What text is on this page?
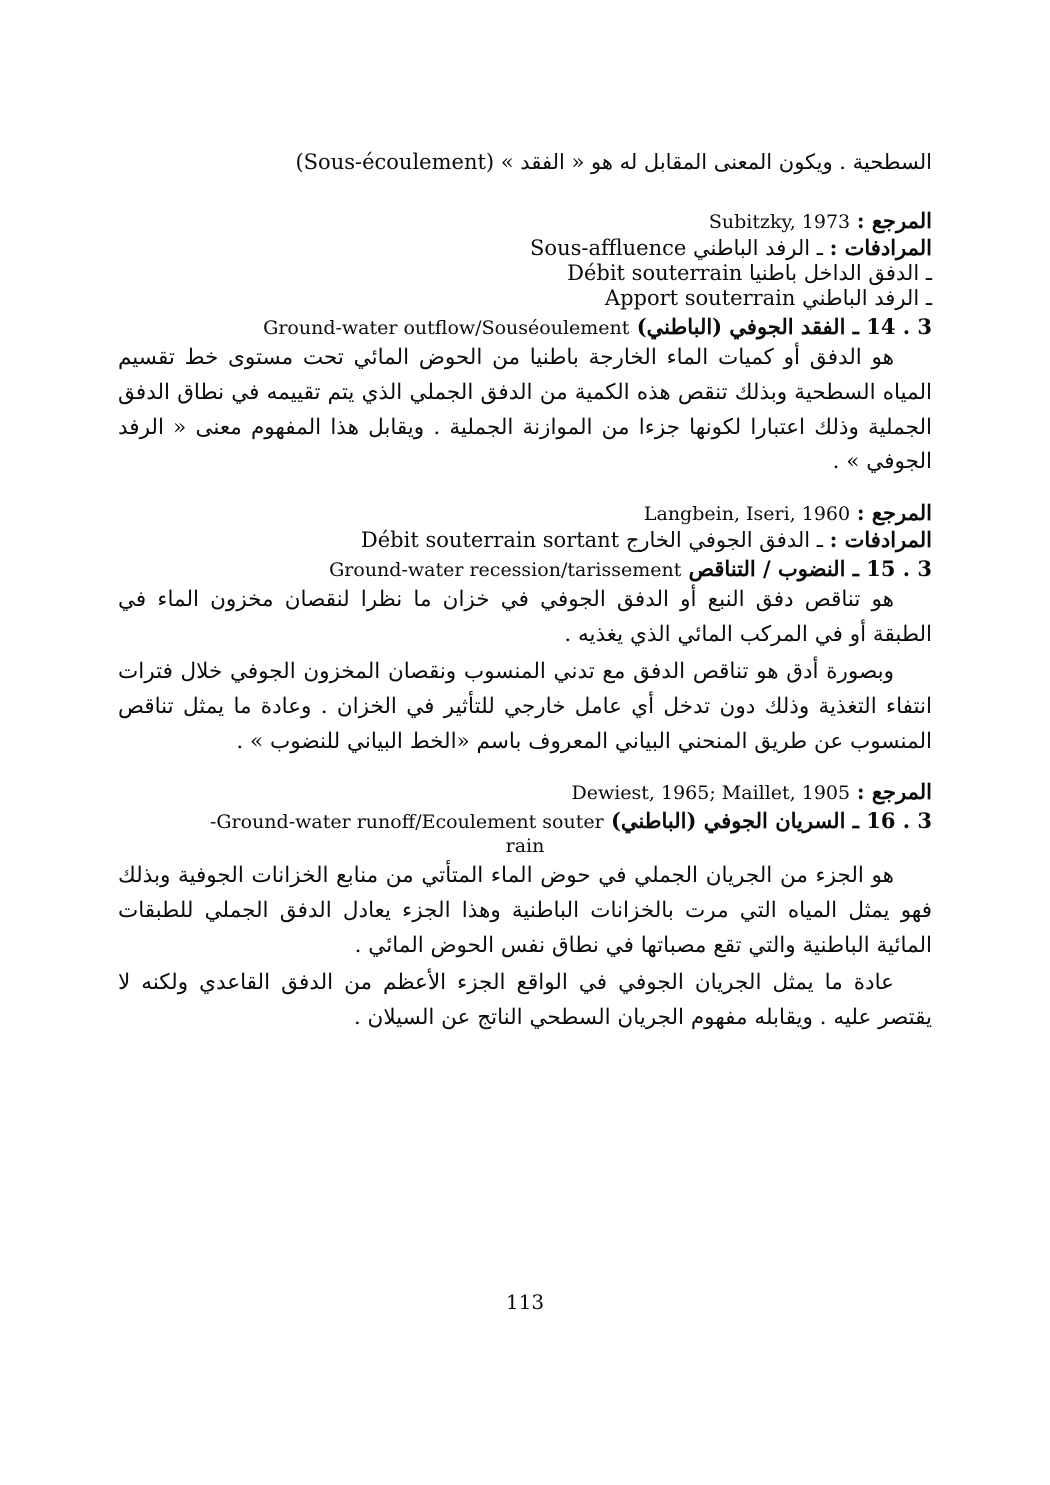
السطحية . ويكون المعنى المقابل له هو « الفقد » (Sous-écoulement)
المرجع : Subitzky, 1973
المرادفات : ـ الرفد الباطني Sous-affluence
ـ الدفق الداخل باطنيا Débit souterrain
ـ الرفد الباطني Apport souterrain
3 . 14 ـ الفقد الجوفي (الباطني) Ground-water outflow/Souséoulement

هو الدفق أو كميات الماء الخارجة باطنيا من الحوض المائي تحت مستوى خط تقسيم المياه السطحية وبذلك تنقص هذه الكمية من الدفق الجملي الذي يتم تقييمه في نطاق الدفق الجملية وذلك اعتبارا لكونها جزءا من الموازنة الجملية . ويقابل هذا المفهوم معنى « الرفد الجوفي » .

المرجع : Langbein, Iseri, 1960
المرادفات : ـ الدفق الجوفي الخارج Débit souterrain sortant
3 . 15 ـ النضوب / التناقص Ground-water recession/tarissement

هو تناقص دفق النبع أو الدفق الجوفي في خزان ما نظرا لنقصان مخزون الماء في الطبقة أو في المركب المائي الذي يغذيه .

وبصورة أدق هو تناقص الدفق مع تدني المنسوب ونقصان المخزون الجوفي خلال فترات انتفاء التغذية وذلك دون تدخل أي عامل خارجي للتأثير في الخزان . وعادة ما يمثل تناقص المنسوب عن طريق المنحني البياني المعروف باسم «الخط البياني للنضوب » .

المرجع : Dewiest, 1965; Maillet, 1905
3 . 16 ـ السريان الجوفي (الباطني) Ground-water runoff/Ecoulement souter-
rain

هو الجزء من الجريان الجملي في حوض الماء المتأتي من منابع الخزانات الجوفية وبذلك فهو يمثل المياه التي مرت بالخزانات الباطنية وهذا الجزء يعادل الدفق الجملي للطبقات المائية الباطنية والتي تقع مصباتها في نطاق نفس الحوض المائي .

عادة ما يمثل الجريان الجوفي في الواقع الجزء الأعظم من الدفق القاعدي ولكنه لا يقتصر عليه . ويقابله مفهوم الجريان السطحي الناتج عن السيلان .

113
